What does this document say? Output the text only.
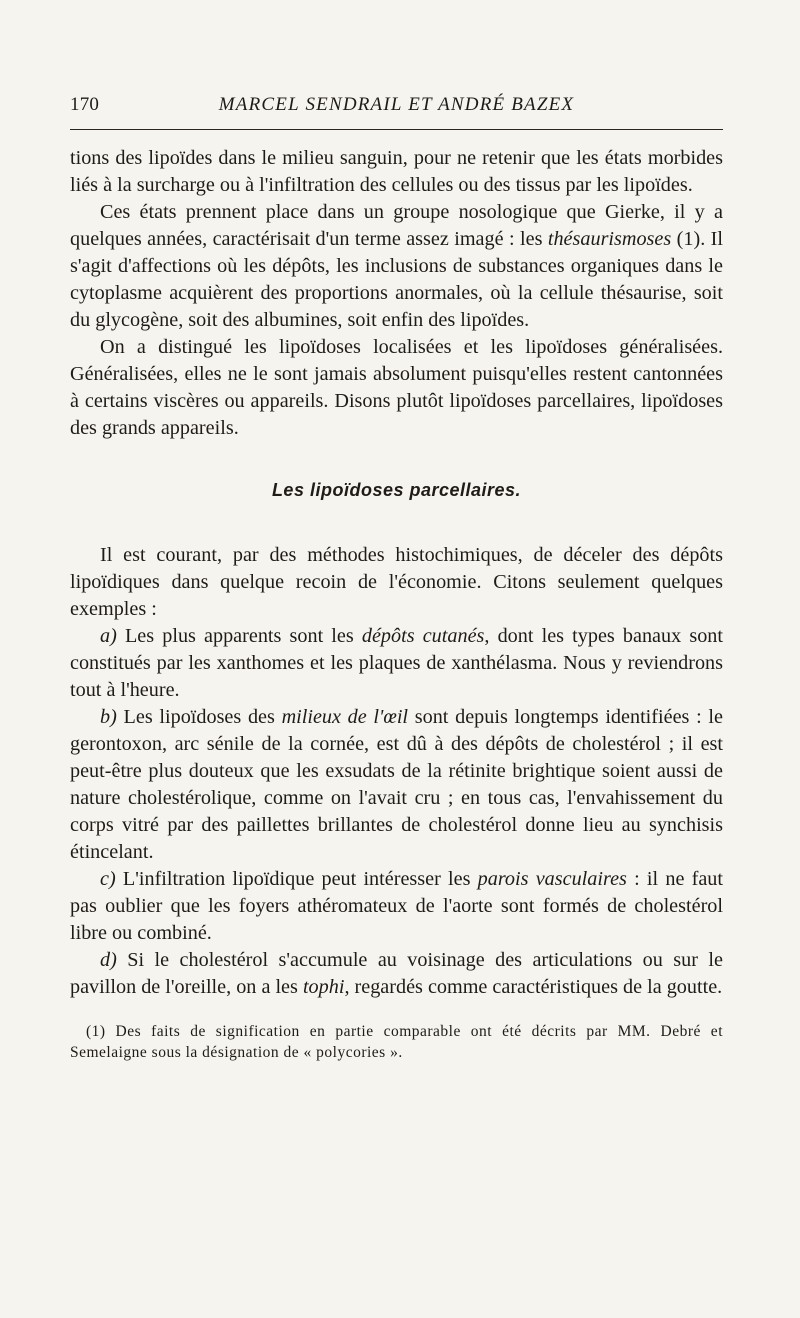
170	MARCEL SENDRAIL ET ANDRÉ BAZEX

tions des lipoïdes dans le milieu sanguin, pour ne retenir que les états morbides liés à la surcharge ou à l'infiltration des cellules ou des tissus par les lipoïdes.

Ces états prennent place dans un groupe nosologique que Gierke, il y a quelques années, caractérisait d'un terme assez imagé : les thésaurismoses (1). Il s'agit d'affections où les dépôts, les inclusions de substances organiques dans le cytoplasme acquièrent des proportions anormales, où la cellule thésaurise, soit du glycogène, soit des albumines, soit enfin des lipoïdes.

On a distingué les lipoïdoses localisées et les lipoïdoses généralisées. Généralisées, elles ne le sont jamais absolument puisqu'elles restent cantonnées à certains viscères ou appareils. Disons plutôt lipoïdoses parcellaires, lipoïdoses des grands appareils.

Les lipoïdoses parcellaires.

Il est courant, par des méthodes histochimiques, de déceler des dépôts lipoïdiques dans quelque recoin de l'économie. Citons seulement quelques exemples :

a) Les plus apparents sont les dépôts cutanés, dont les types banaux sont constitués par les xanthomes et les plaques de xanthélasma. Nous y reviendrons tout à l'heure.

b) Les lipoïdoses des milieux de l'œil sont depuis longtemps identifiées : le gerontoxon, arc sénile de la cornée, est dû à des dépôts de cholestérol ; il est peut-être plus douteux que les exsudats de la rétinite brightique soient aussi de nature cholestérolique, comme on l'avait cru ; en tous cas, l'envahissement du corps vitré par des paillettes brillantes de cholestérol donne lieu au synchisis étincelant.

c) L'infiltration lipoïdique peut intéresser les parois vasculaires : il ne faut pas oublier que les foyers athéromateux de l'aorte sont formés de cholestérol libre ou combiné.

d) Si le cholestérol s'accumule au voisinage des articulations ou sur le pavillon de l'oreille, on a les tophi, regardés comme caractéristiques de la goutte.

(1) Des faits de signification en partie comparable ont été décrits par MM. Debré et Semelaigne sous la désignation de « polycories ».
